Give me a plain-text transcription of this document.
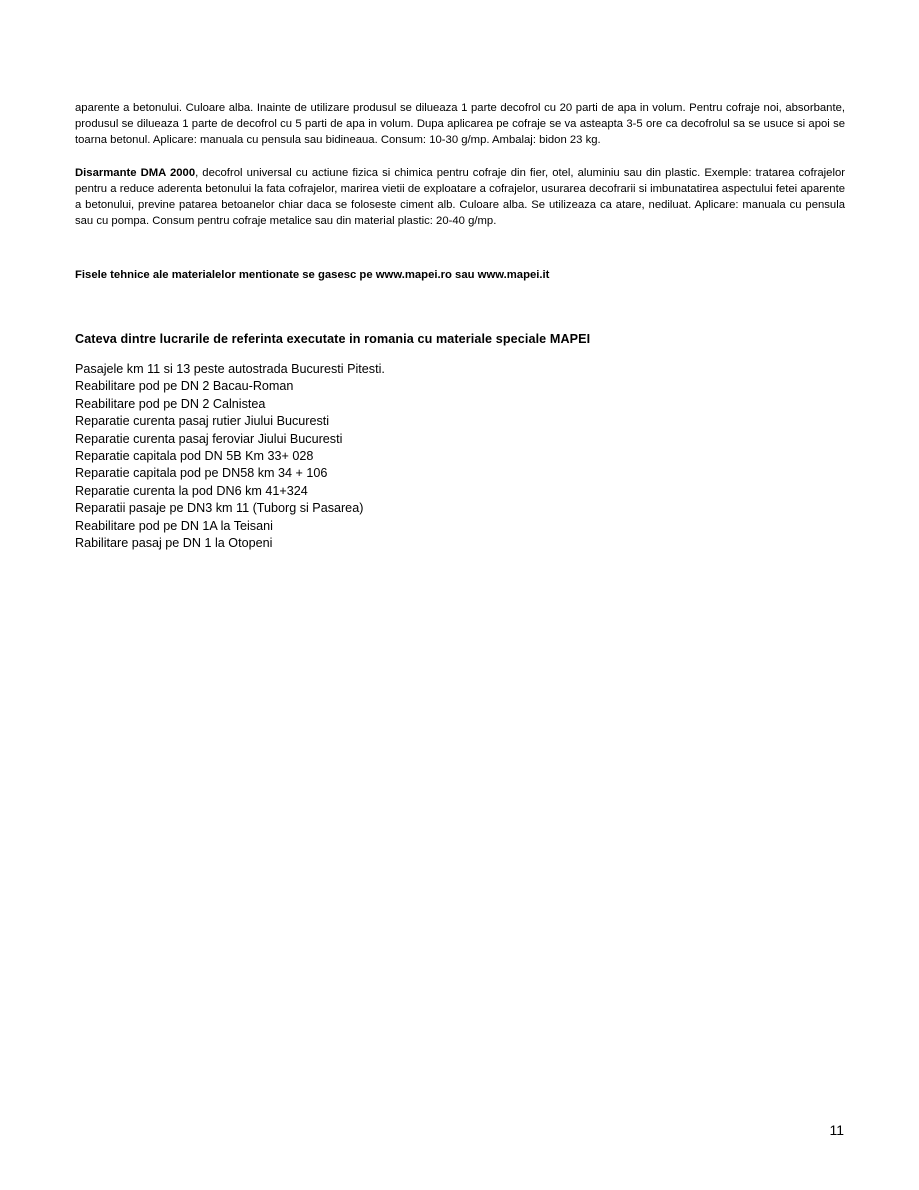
aparente a betonului. Culoare alba. Inainte de utilizare produsul se dilueaza 1 parte decofrol cu 20 parti de apa in volum. Pentru cofraje noi, absorbante, produsul se dilueaza 1 parte de decofrol cu 5 parti de apa in volum. Dupa aplicarea pe cofraje se va asteapta 3-5 ore ca decofrolul sa se usuce si apoi se toarna betonul. Aplicare: manuala cu pensula sau bidineaua. Consum: 10-30 g/mp. Ambalaj: bidon 23 kg.

Disarmante DMA 2000, decofrol universal cu actiune fizica si chimica pentru cofraje din fier, otel, aluminiu sau din plastic. Exemple: tratarea cofrajelor pentru a reduce aderenta betonului la fata cofrajelor, marirea vietii de exploatare a cofrajelor, usurarea decofrarii si imbunatatirea aspectului fetei aparente a betonului, previne patarea betoanelor chiar daca se foloseste ciment alb. Culoare alba. Se utilizeaza ca atare, nediluat. Aplicare: manuala cu pensula sau cu pompa. Consum pentru cofraje metalice sau din material plastic: 20-40 g/mp.

Fisele tehnice ale materialelor mentionate se gasesc pe www.mapei.ro sau www.mapei.it

Cateva dintre lucrarile de referinta executate in romania cu materiale speciale MAPEI

Pasajele km 11 si 13 peste autostrada Bucuresti Pitesti.
Reabilitare pod pe DN 2 Bacau-Roman
Reabilitare pod pe DN 2 Calnistea
Reparatie curenta pasaj rutier Jiului Bucuresti
Reparatie curenta pasaj feroviar Jiului Bucuresti
Reparatie capitala pod DN 5B Km 33+ 028
Reparatie capitala pod pe DN58 km 34 + 106
Reparatie curenta la pod DN6 km 41+324
Reparatii pasaje pe DN3 km 11 (Tuborg si Pasarea)
Reabilitare pod pe DN 1A la Teisani
Rabilitare pasaj pe DN 1 la Otopeni
11
